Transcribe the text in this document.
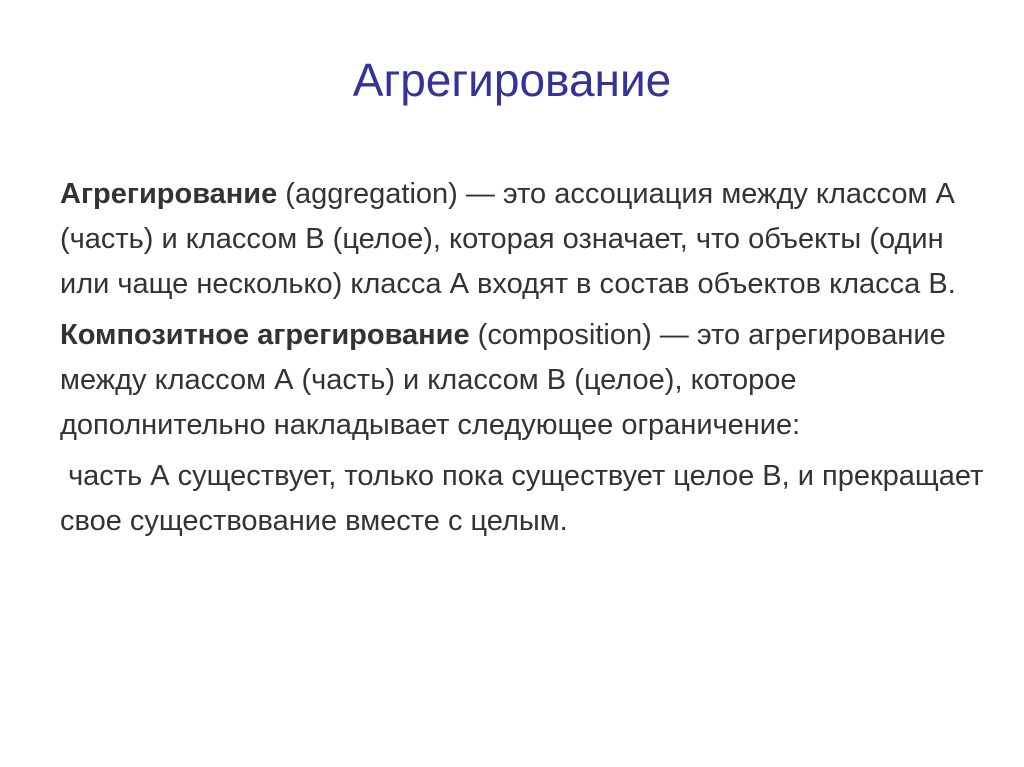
Агрегирование

Агрегирование (aggregation) — это ассоциация между классом А (часть) и классом В (целое), которая означает, что объекты (один или чаще несколько) класса А входят в состав объектов класса В.

Композитное агрегирование (composition) — это агрегирование между классом А (часть) и классом В (целое), которое дополнительно накладывает следующее ограничение:

часть А существует, только пока существует целое В, и прекращает свое существование вместе с целым.
